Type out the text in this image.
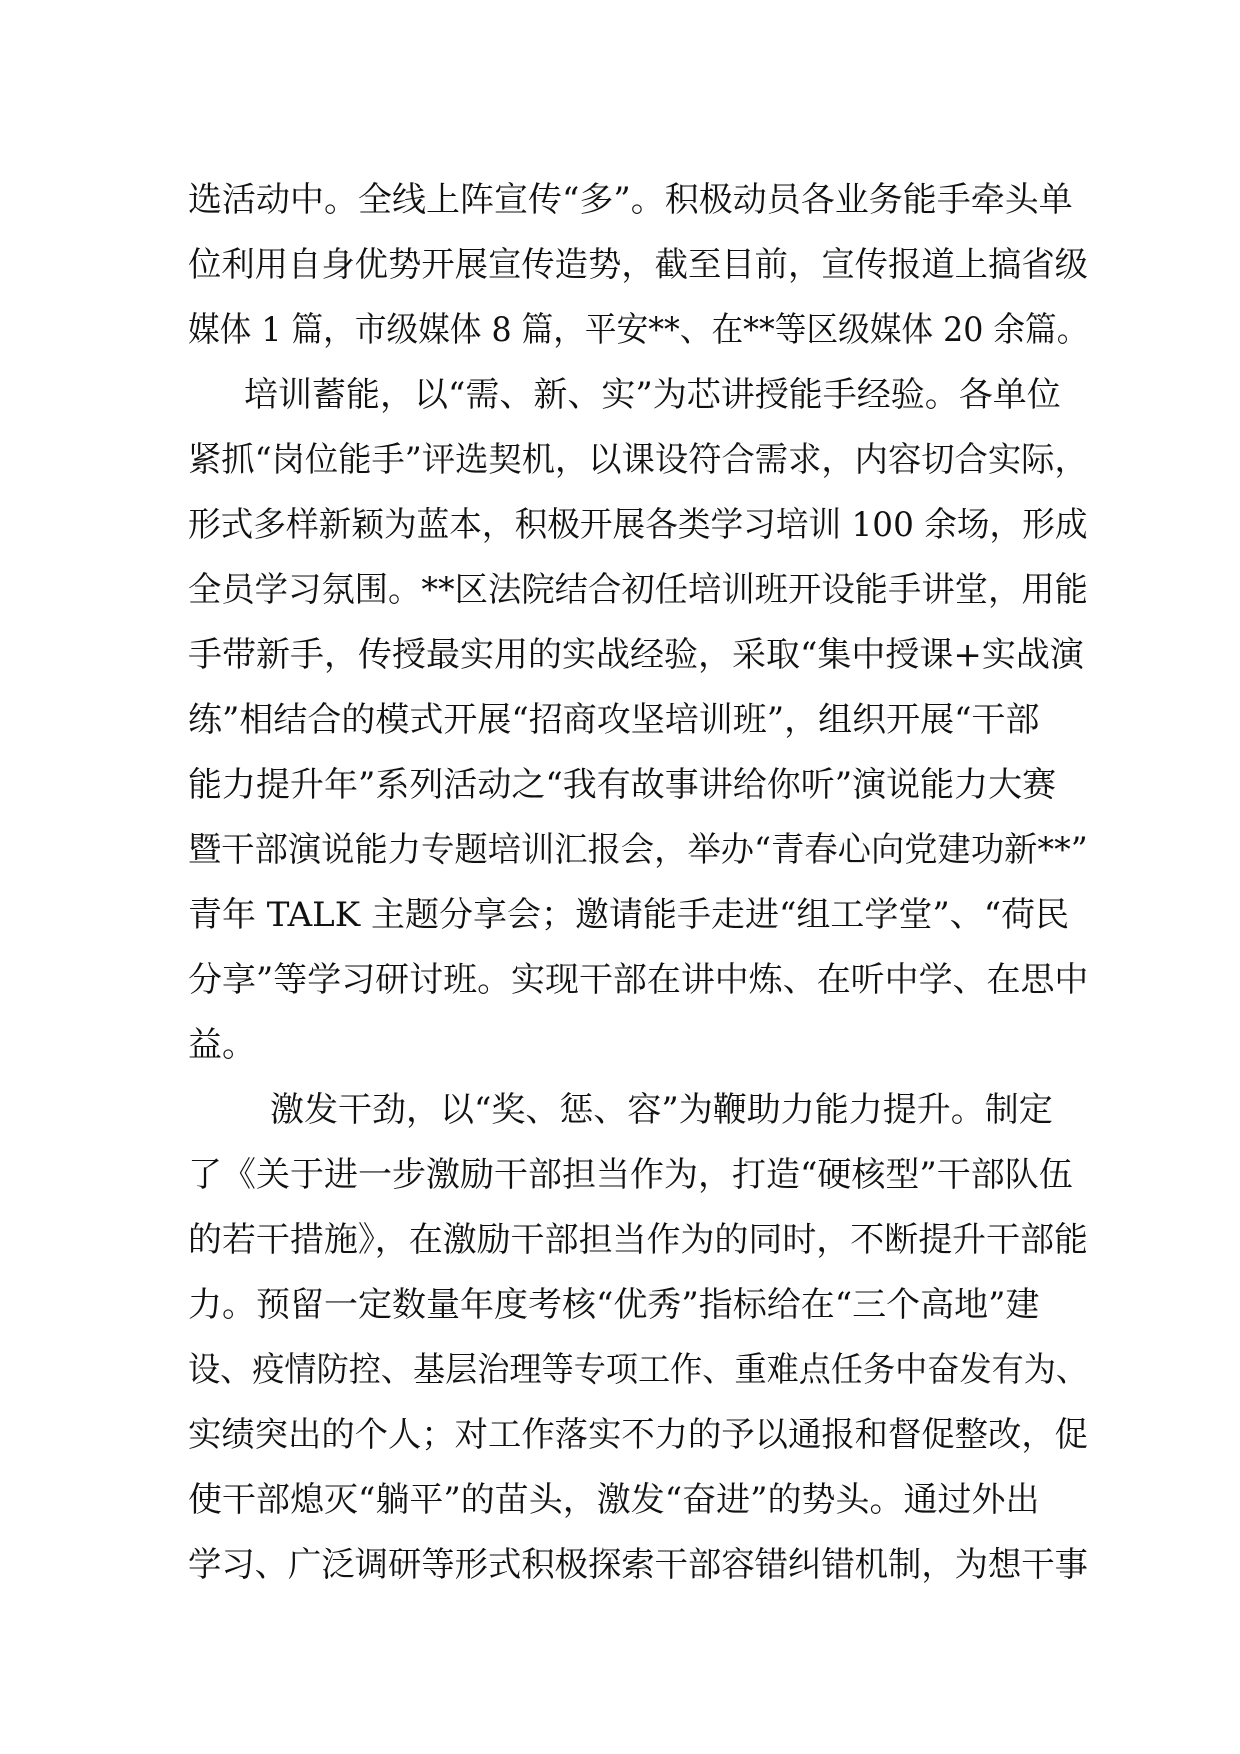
选活动中。全线上阵宣传“多”。积极动员各业务能手牵头单
位利用自身优势开展宣传造势，截至目前，宣传报道上搞省级
媒体 1 篇，市级媒体 8 篇，平安**、在**等区级媒体 20 余篇。
培训蓄能，以“需、新、实”为芯讲授能手经验。各单位
紧抓“岗位能手”评选契机，以课设符合需求，内容切合实际，
形式多样新颖为蓝本，积极开展各类学习培训 100 余场，形成
全员学习氛围。**区法院结合初任培训班开设能手讲堂，用能
手带新手，传授最实用的实战经验，采取“集中授课+实战演
练”相结合的模式开展“招商攻坚培训班”，组织开展“干部
能力提升年”系列活动之“我有故事讲给你听”演说能力大赛
暨干部演说能力专题培训汇报会，举办“青春心向党建功新**”
青年 TALK 主题分享会；邀请能手走进“组工学堂”、“荷民
分享”等学习研讨班。实现干部在讲中炼、在听中学、在思中
益。
激发干劲，以“奖、惩、容”为鞭助力能力提升。制定
了《关于进一步激励干部担当作为，打造“硬核型”干部队伍
的若干措施》，在激励干部担当作为的同时，不断提升干部能
力。预留一定数量年度考核“优秀”指标给在“三个高地”建
设、疫情防控、基层治理等专项工作、重难点任务中奋发有为、
实绩突出的个人；对工作落实不力的予以通报和督促整改，促
使干部熄灭“躺平”的苗头，激发“奋进”的势头。通过外出
学习、广泛调研等形式积极探索干部容错纠错机制，为想干事
